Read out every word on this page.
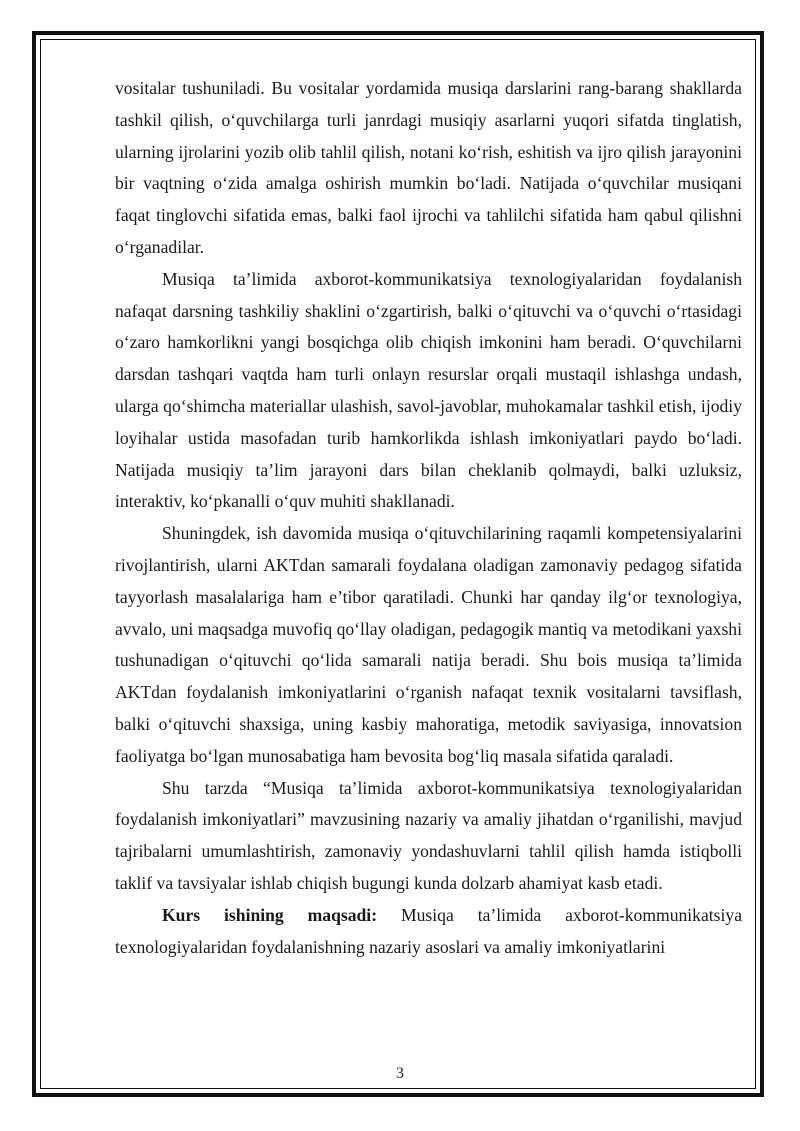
vositalar tushuniladi. Bu vositalar yordamida musiqa darslarini rang-barang shakllarda tashkil qilish, o‘quvchilarga turli janrdagi musiqiy asarlarni yuqori sifatda tinglatish, ularning ijrolarini yozib olib tahlil qilish, notani ko‘rish, eshitish va ijro qilish jarayonini bir vaqtning o‘zida amalga oshirish mumkin bo‘ladi. Natijada o‘quvchilar musiqani faqat tinglovchi sifatida emas, balki faol ijrochi va tahlilchi sifatida ham qabul qilishni o‘rganadilar.

Musiqa ta’limida axborot-kommunikatsiya texnologiyalaridan foydalanish nafaqat darsning tashkiliy shaklini o‘zgartirish, balki o‘qituvchi va o‘quvchi o‘rtasidagi o‘zaro hamkorlikni yangi bosqichga olib chiqish imkonini ham beradi. O‘quvchilarni darsdan tashqari vaqtda ham turli onlayn resurslar orqali mustaqil ishlashga undash, ularga qo‘shimcha materiallar ulashish, savol-javoblar, muhokamalar tashkil etish, ijodiy loyihalar ustida masofadan turib hamkorlikda ishlash imkoniyatlari paydo bo‘ladi. Natijada musiqiy ta’lim jarayoni dars bilan cheklanib qolmaydi, balki uzluksiz, interaktiv, ko‘pkanalli o‘quv muhiti shakllanadi.

Shuningdek, ish davomida musiqa o‘qituvchilarining raqamli kompetensiyalarini rivojlantirish, ularni AKTdan samarali foydalana oladigan zamonaviy pedagog sifatida tayyorlash masalalariga ham e’tibor qaratiladi. Chunki har qanday ilg‘or texnologiya, avvalo, uni maqsadga muvofiq qo‘llay oladigan, pedagogik mantiq va metodikani yaxshi tushunadigan o‘qituvchi qo‘lida samarali natija beradi. Shu bois musiqa ta’limida AKTdan foydalanish imkoniyatlarini o‘rganish nafaqat texnik vositalarni tavsiflash, balki o‘qituvchi shaxsiga, uning kasbiy mahoratiga, metodik saviyasiga, innovatsion faoliyatga bo‘lgan munosabatiga ham bevosita bog‘liq masala sifatida qaraladi.

Shu tarzda “Musiqa ta’limida axborot-kommunikatsiya texnologiyalaridan foydalanish imkoniyatlari” mavzusining nazariy va amaliy jihatdan o‘rganilishi, mavjud tajribalarni umumlashtirish, zamonaviy yondashuvlarni tahlil qilish hamda istiqbolli taklif va tavsiyalar ishlab chiqish bugungi kunda dolzarb ahamiyat kasb etadi.

Kurs ishining maqsadi: Musiqa ta’limida axborot-kommunikatsiya texnologiyalaridan foydalanishning nazariy asoslari va amaliy imkoniyatlarini

3
